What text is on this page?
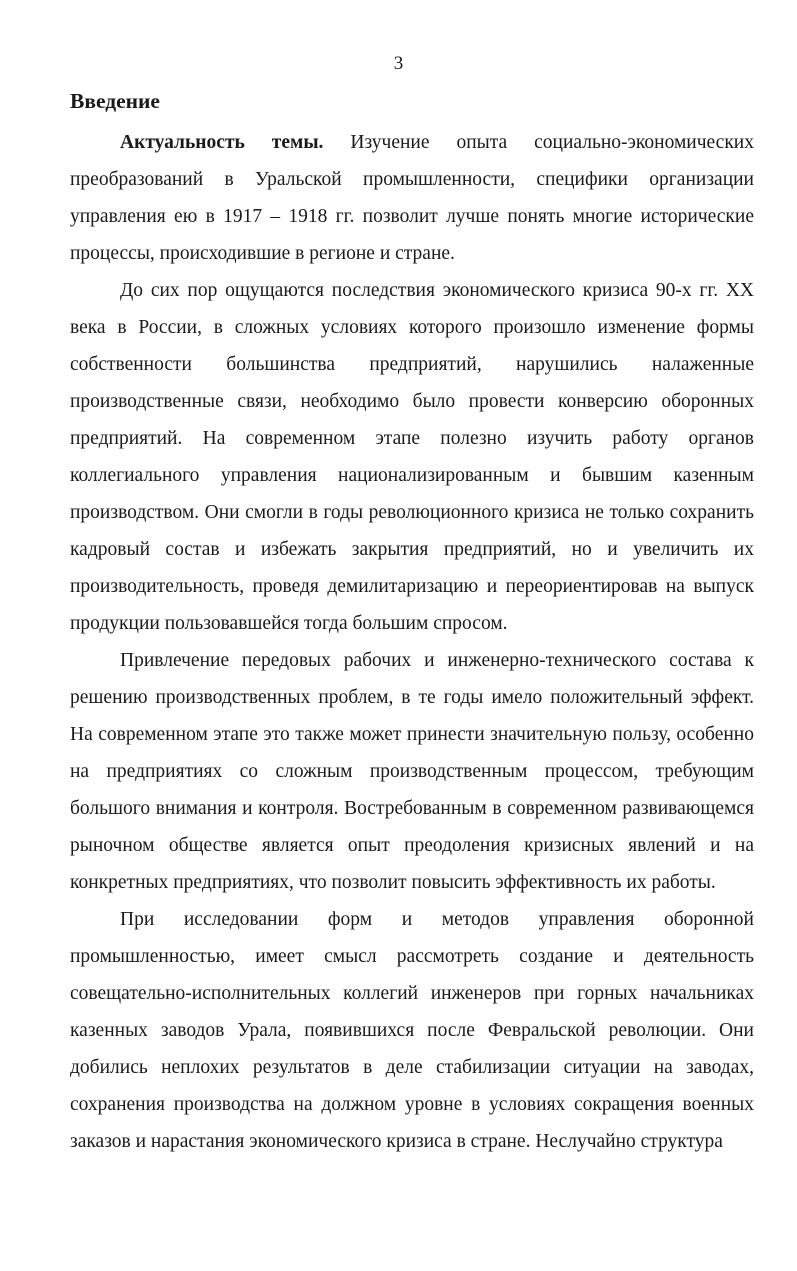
3
Введение

Актуальность темы. Изучение опыта социально-экономических преобразований в Уральской промышленности, специфики организации управления ею в 1917 – 1918 гг. позволит лучше понять многие исторические процессы, происходившие в регионе и стране.

До сих пор ощущаются последствия экономического кризиса 90-х гг. XX века в России, в сложных условиях которого произошло изменение формы собственности большинства предприятий, нарушились налаженные производственные связи, необходимо было провести конверсию оборонных предприятий. На современном этапе полезно изучить работу органов коллегиального управления национализированным и бывшим казенным производством. Они смогли в годы революционного кризиса не только сохранить кадровый состав и избежать закрытия предприятий, но и увеличить их производительность, проведя демилитаризацию и переориентировав на выпуск продукции пользовавшейся тогда большим спросом.

Привлечение передовых рабочих и инженерно-технического состава к решению производственных проблем, в те годы имело положительный эффект. На современном этапе это также может принести значительную пользу, особенно на предприятиях со сложным производственным процессом, требующим большого внимания и контроля. Востребованным в современном развивающемся рыночном обществе является опыт преодоления кризисных явлений и на конкретных предприятиях, что позволит повысить эффективность их работы.

При исследовании форм и методов управления оборонной промышленностью, имеет смысл рассмотреть создание и деятельность совещательно-исполнительных коллегий инженеров при горных начальниках казенных заводов Урала, появившихся после Февральской революции. Они добились неплохих результатов в деле стабилизации ситуации на заводах, сохранения производства на должном уровне в условиях сокращения военных заказов и нарастания экономического кризиса в стране. Неслучайно структура
